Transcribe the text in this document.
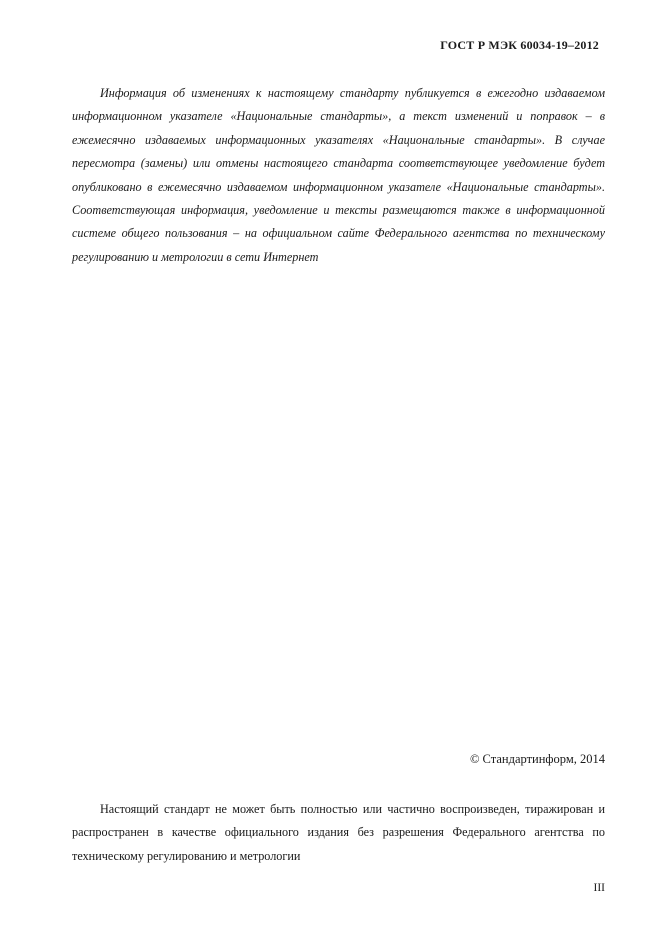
ГОСТ Р МЭК 60034-19–2012

Информация об изменениях к настоящему стандарту публикуется в ежегодно издаваемом информационном указателе «Национальные стандарты», а текст изменений и поправок – в ежемесячно издаваемых информационных указателях «Национальные стандарты». В случае пересмотра (замены) или отмены настоящего стандарта соответствующее уведомление будет опубликовано в ежемесячно издаваемом информационном указателе «Национальные стандарты». Соответствующая информация, уведомление и тексты размещаются также в информационной системе общего пользования – на официальном сайте Федерального агентства по техническому регулированию и метрологии в сети Интернет

© Стандартинформ, 2014

Настоящий стандарт не может быть полностью или частично воспроизведен, тиражирован и распространен в качестве официального издания без разрешения Федерального агентства по техническому регулированию и метрологии

III
